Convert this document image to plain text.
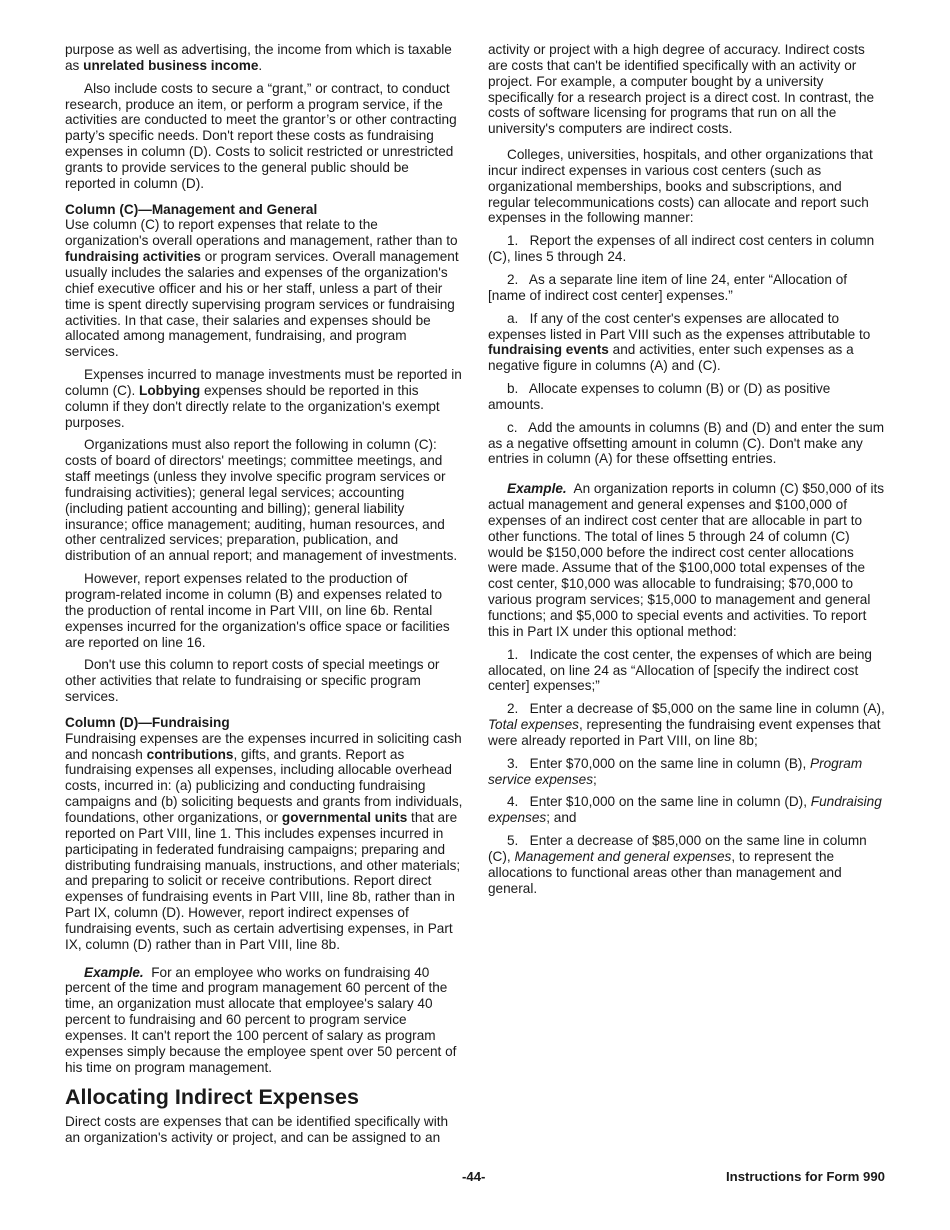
purpose as well as advertising, the income from which is taxable as unrelated business income.

Also include costs to secure a “grant,” or contract, to conduct research, produce an item, or perform a program service, if the activities are conducted to meet the grantor’s or other contracting party’s specific needs. Don't report these costs as fundraising expenses in column (D). Costs to solicit restricted or unrestricted grants to provide services to the general public should be reported in column (D).

Column (C)—Management and General

Use column (C) to report expenses that relate to the organization's overall operations and management, rather than to fundraising activities or program services. Overall management usually includes the salaries and expenses of the organization's chief executive officer and his or her staff, unless a part of their time is spent directly supervising program services or fundraising activities. In that case, their salaries and expenses should be allocated among management, fundraising, and program services.

Expenses incurred to manage investments must be reported in column (C). Lobbying expenses should be reported in this column if they don't directly relate to the organization's exempt purposes.

Organizations must also report the following in column (C): costs of board of directors' meetings; committee meetings, and staff meetings (unless they involve specific program services or fundraising activities); general legal services; accounting (including patient accounting and billing); general liability insurance; office management; auditing, human resources, and other centralized services; preparation, publication, and distribution of an annual report; and management of investments.

However, report expenses related to the production of program-related income in column (B) and expenses related to the production of rental income in Part VIII, on line 6b. Rental expenses incurred for the organization's office space or facilities are reported on line 16.

Don't use this column to report costs of special meetings or other activities that relate to fundraising or specific program services.

Column (D)—Fundraising

Fundraising expenses are the expenses incurred in soliciting cash and noncash contributions, gifts, and grants. Report as fundraising expenses all expenses, including allocable overhead costs, incurred in: (a) publicizing and conducting fundraising campaigns and (b) soliciting bequests and grants from individuals, foundations, other organizations, or governmental units that are reported on Part VIII, line 1. This includes expenses incurred in participating in federated fundraising campaigns; preparing and distributing fundraising manuals, instructions, and other materials; and preparing to solicit or receive contributions. Report direct expenses of fundraising events in Part VIII, line 8b, rather than in Part IX, column (D). However, report indirect expenses of fundraising events, such as certain advertising expenses, in Part IX, column (D) rather than in Part VIII, line 8b.

Example.  For an employee who works on fundraising 40 percent of the time and program management 60 percent of the time, an organization must allocate that employee's salary 40 percent to fundraising and 60 percent to program service expenses. It can't report the 100 percent of salary as program expenses simply because the employee spent over 50 percent of his time on program management.

Allocating Indirect Expenses

Direct costs are expenses that can be identified specifically with an organization's activity or project, and can be assigned to an

activity or project with a high degree of accuracy. Indirect costs are costs that can't be identified specifically with an activity or project. For example, a computer bought by a university specifically for a research project is a direct cost. In contrast, the costs of software licensing for programs that run on all the university's computers are indirect costs.

Colleges, universities, hospitals, and other organizations that incur indirect expenses in various cost centers (such as organizational memberships, books and subscriptions, and regular telecommunications costs) can allocate and report such expenses in the following manner:

1.   Report the expenses of all indirect cost centers in column (C), lines 5 through 24.

2.   As a separate line item of line 24, enter “Allocation of [name of indirect cost center] expenses.”

a.   If any of the cost center's expenses are allocated to expenses listed in Part VIII such as the expenses attributable to fundraising events and activities, enter such expenses as a negative figure in columns (A) and (C).

b.   Allocate expenses to column (B) or (D) as positive amounts.

c.   Add the amounts in columns (B) and (D) and enter the sum as a negative offsetting amount in column (C). Don't make any entries in column (A) for these offsetting entries.

Example.  An organization reports in column (C) $50,000 of its actual management and general expenses and $100,000 of expenses of an indirect cost center that are allocable in part to other functions. The total of lines 5 through 24 of column (C) would be $150,000 before the indirect cost center allocations were made. Assume that of the $100,000 total expenses of the cost center, $10,000 was allocable to fundraising; $70,000 to various program services; $15,000 to management and general functions; and $5,000 to special events and activities. To report this in Part IX under this optional method:

1.   Indicate the cost center, the expenses of which are being allocated, on line 24 as “Allocation of [specify the indirect cost center] expenses;”

2.   Enter a decrease of $5,000 on the same line in column (A), Total expenses, representing the fundraising event expenses that were already reported in Part VIII, on line 8b;

3.   Enter $70,000 on the same line in column (B), Program service expenses;

4.   Enter $10,000 on the same line in column (D), Fundraising expenses; and

5.   Enter a decrease of $85,000 on the same line in column (C), Management and general expenses, to represent the allocations to functional areas other than management and general.

-44-	Instructions for Form 990
